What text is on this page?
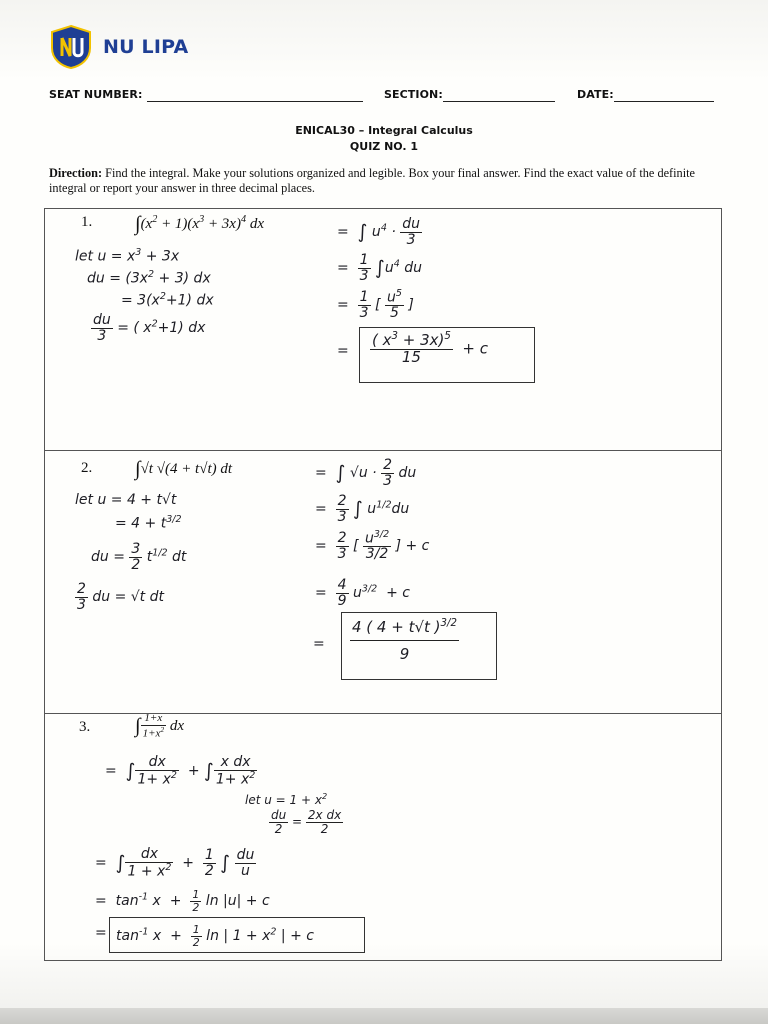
NU LIPA
SEAT NUMBER:	SECTION:	DATE:
ENICAL30 – Integral Calculus
QUIZ NO. 1
Direction: Find the integral. Make your solutions organized and legible. Box your final answer. Find the exact value of the definite integral or report your answer in three decimal places.
1. $\int(x^2 + 1)(x^3 + 3x)^4$ dx
let $u = x^3 + 3x$
du = $(3x^2 + 3)$ dx
= $3(x^2+1)$ dx
$\frac{du}{3}$ = ( $x^2+1$) dx
=  ∫ $u^4 \cdot \frac{du}{3}$
= $\frac{1}{3} \int u^4$ du
= $\frac{1}{3}$ [ $\frac{u^5}{5}$ ]
= $\frac{( x^3 + 3x)^5}{15} + c$
2. ∫√t √(4 + t√t) dt
let u = 4 + t√t
= $4 + t^{3/2}$
du = $\frac{3}{2} t^{1/2}$ dt
$\frac{2}{3}$ du = √t dt
=  ∫ $√u \cdot \frac{2}{3}$ du
= $\frac{2}{3}$ ∫ $u^{1/2}du$
= $\frac{2}{3}$ [ $\frac{u^{3/2}}{3/2}$ ] + c
= $\frac{4}{9} u^{3/2} + c$
= $\frac{4 ( 4 + t√t )^{3/2}}{9}$
3. ∫ $\frac{1+x}{1+x^2}$ dx
=  ∫ $\frac{dx}{1+ x^2}$ + ∫ $\frac{\text{x dx}}{1+ x^2}$
let $u = 1 + x^2$
$\frac{du}{2} = \frac{\text{2x dx}}{2}$
=  ∫ $\frac{dx}{1 + x^2} + \frac{1}{2}$ ∫ $\frac{du}{u}$
=  $\tan^{-1} x + \frac{1}{2}$ ln |u| + c
= $\tan^{-1} x + \frac{1}{2}$ ln | $1 + x^2$ | + c
